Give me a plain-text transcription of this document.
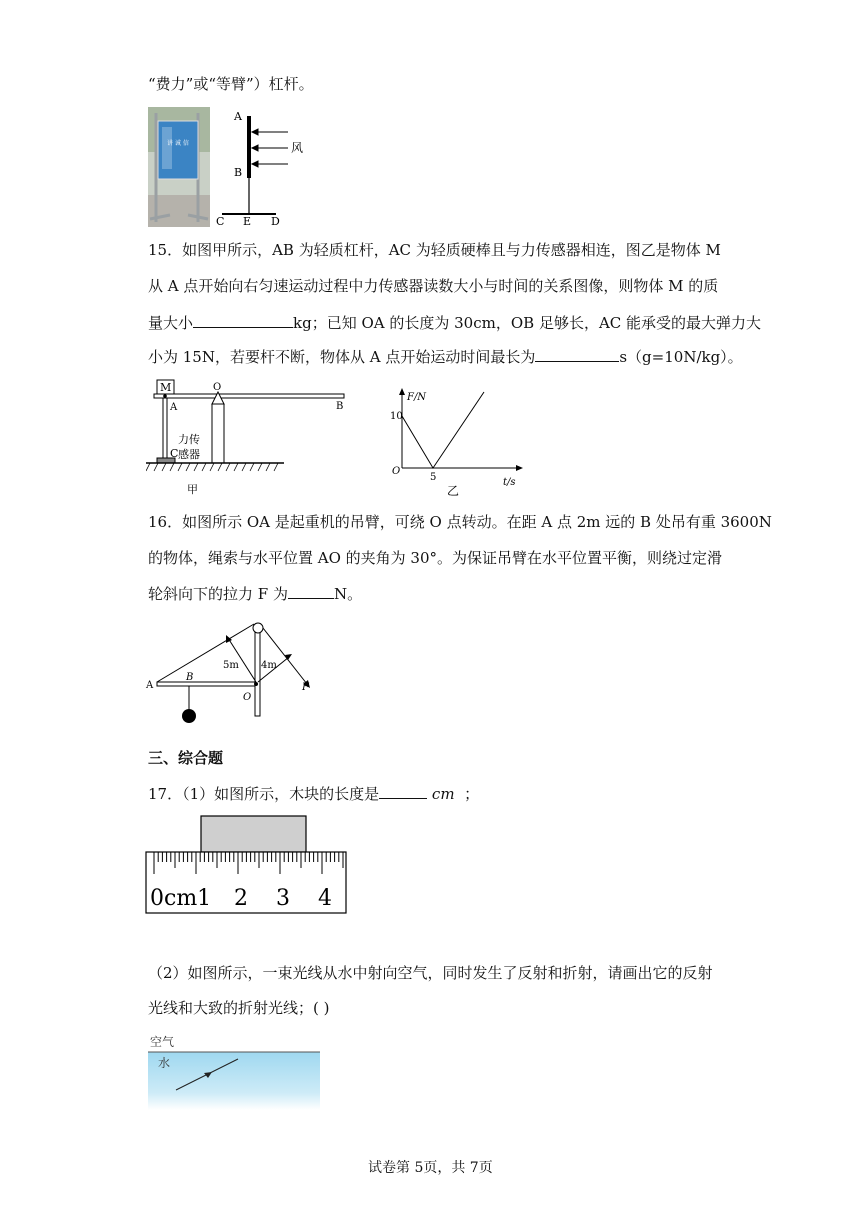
“费力”或“等臂”）杠杆。
讲 诚 信
A
B
C E D
风
15．如图甲所示，AB 为轻质杠杆，AC 为轻质硬棒且与力传感器相连，图乙是物体 M
从 A 点开始向右匀速运动过程中力传感器读数大小与时间的关系图像，则物体 M 的质
量大小	kg；已知 OA 的长度为 30cm，OB 足够长，AC 能承受的最大弹力大
小为 15N，若要杆不断，物体从 A 点开始运动时间最长为	s（g=10N/kg）。
M
A	B
O
C
力传
感器
甲
F/N
t/s
O
10
5
乙
16．如图所示 OA 是起重机的吊臂，可绕 O 点转动。在距 A 点 2m 远的 B 处吊有重 3600N
的物体，绳索与水平位置 AO 的夹角为 30°。为保证吊臂在水平位置平衡，则绕过定滑
轮斜向下的拉力 F 为	N。
A
B
O
F
5m 4m
三、综合题
17．（1）如图所示，木块的长度是	cm ；
0cm1 2 3 4
（2）如图所示，一束光线从水中射向空气，同时发生了反射和折射，请画出它的反射
光线和大致的折射光线；( )
空气
水
试卷第 5页，共 7页
